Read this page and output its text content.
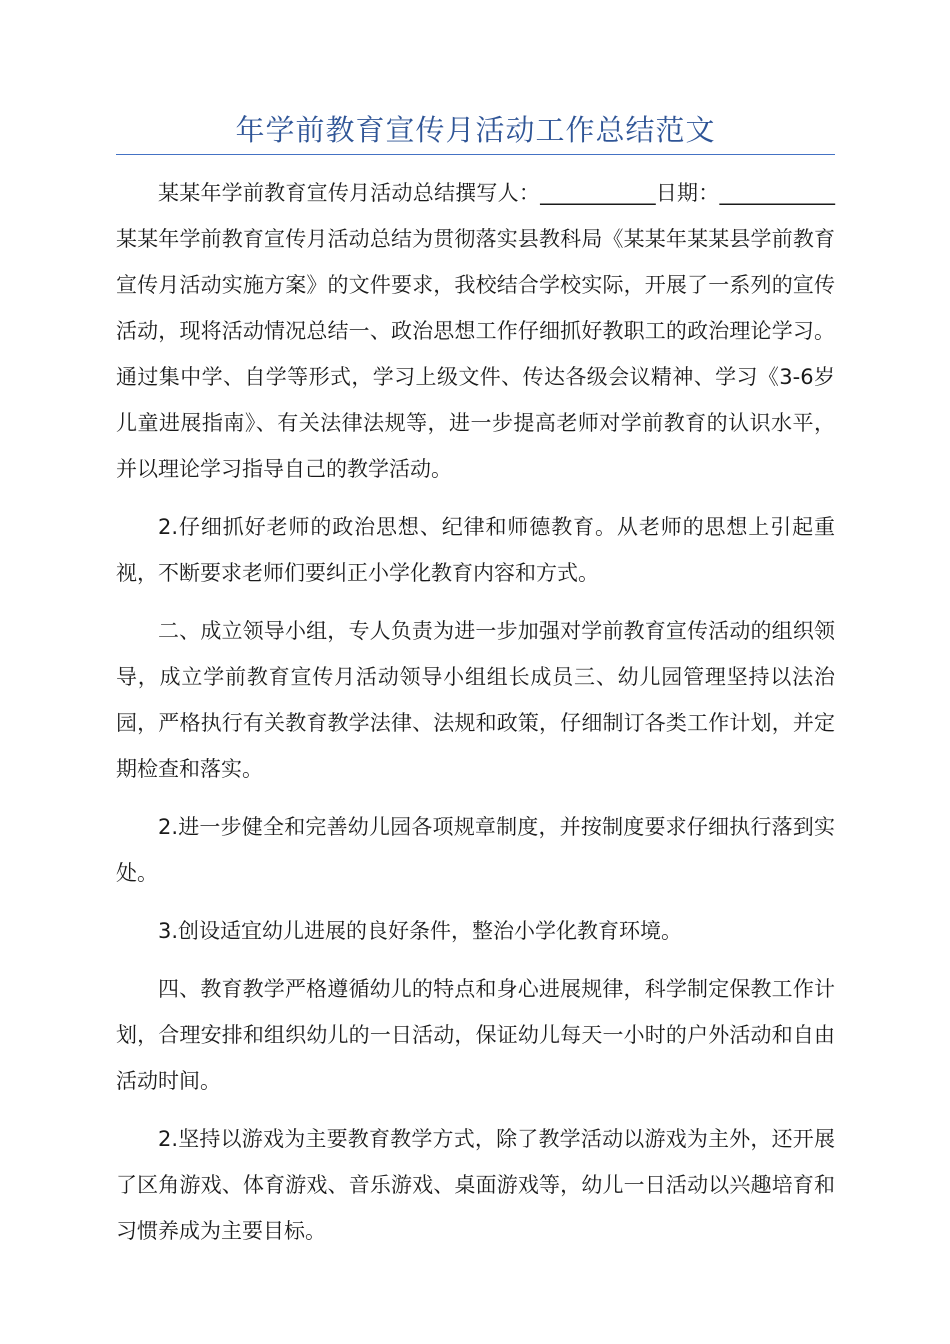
年学前教育宣传月活动工作总结范文

某某年学前教育宣传月活动总结撰写人：___________日期：___________某某年学前教育宣传月活动总结为贯彻落实县教科局《某某年某某县学前教育宣传月活动实施方案》的文件要求，我校结合学校实际，开展了一系列的宣传活动，现将活动情况总结一、政治思想工作仔细抓好教职工的政治理论学习。通过集中学、自学等形式，学习上级文件、传达各级会议精神、学习《3-6岁儿童进展指南》、有关法律法规等，进一步提高老师对学前教育的认识水平，并以理论学习指导自己的教学活动。

2.仔细抓好老师的政治思想、纪律和师德教育。从老师的思想上引起重视，不断要求老师们要纠正小学化教育内容和方式。

二、成立领导小组，专人负责为进一步加强对学前教育宣传活动的组织领导，成立学前教育宣传月活动领导小组组长成员三、幼儿园管理坚持以法治园，严格执行有关教育教学法律、法规和政策，仔细制订各类工作计划，并定期检查和落实。

2.进一步健全和完善幼儿园各项规章制度，并按制度要求仔细执行落到实处。

3.创设适宜幼儿进展的良好条件，整治小学化教育环境。

四、教育教学严格遵循幼儿的特点和身心进展规律，科学制定保教工作计划，合理安排和组织幼儿的一日活动，保证幼儿每天一小时的户外活动和自由活动时间。

2.坚持以游戏为主要教育教学方式，除了教学活动以游戏为主外，还开展了区角游戏、体育游戏、音乐游戏、桌面游戏等，幼儿一日活动以兴趣培育和习惯养成为主要目标。
